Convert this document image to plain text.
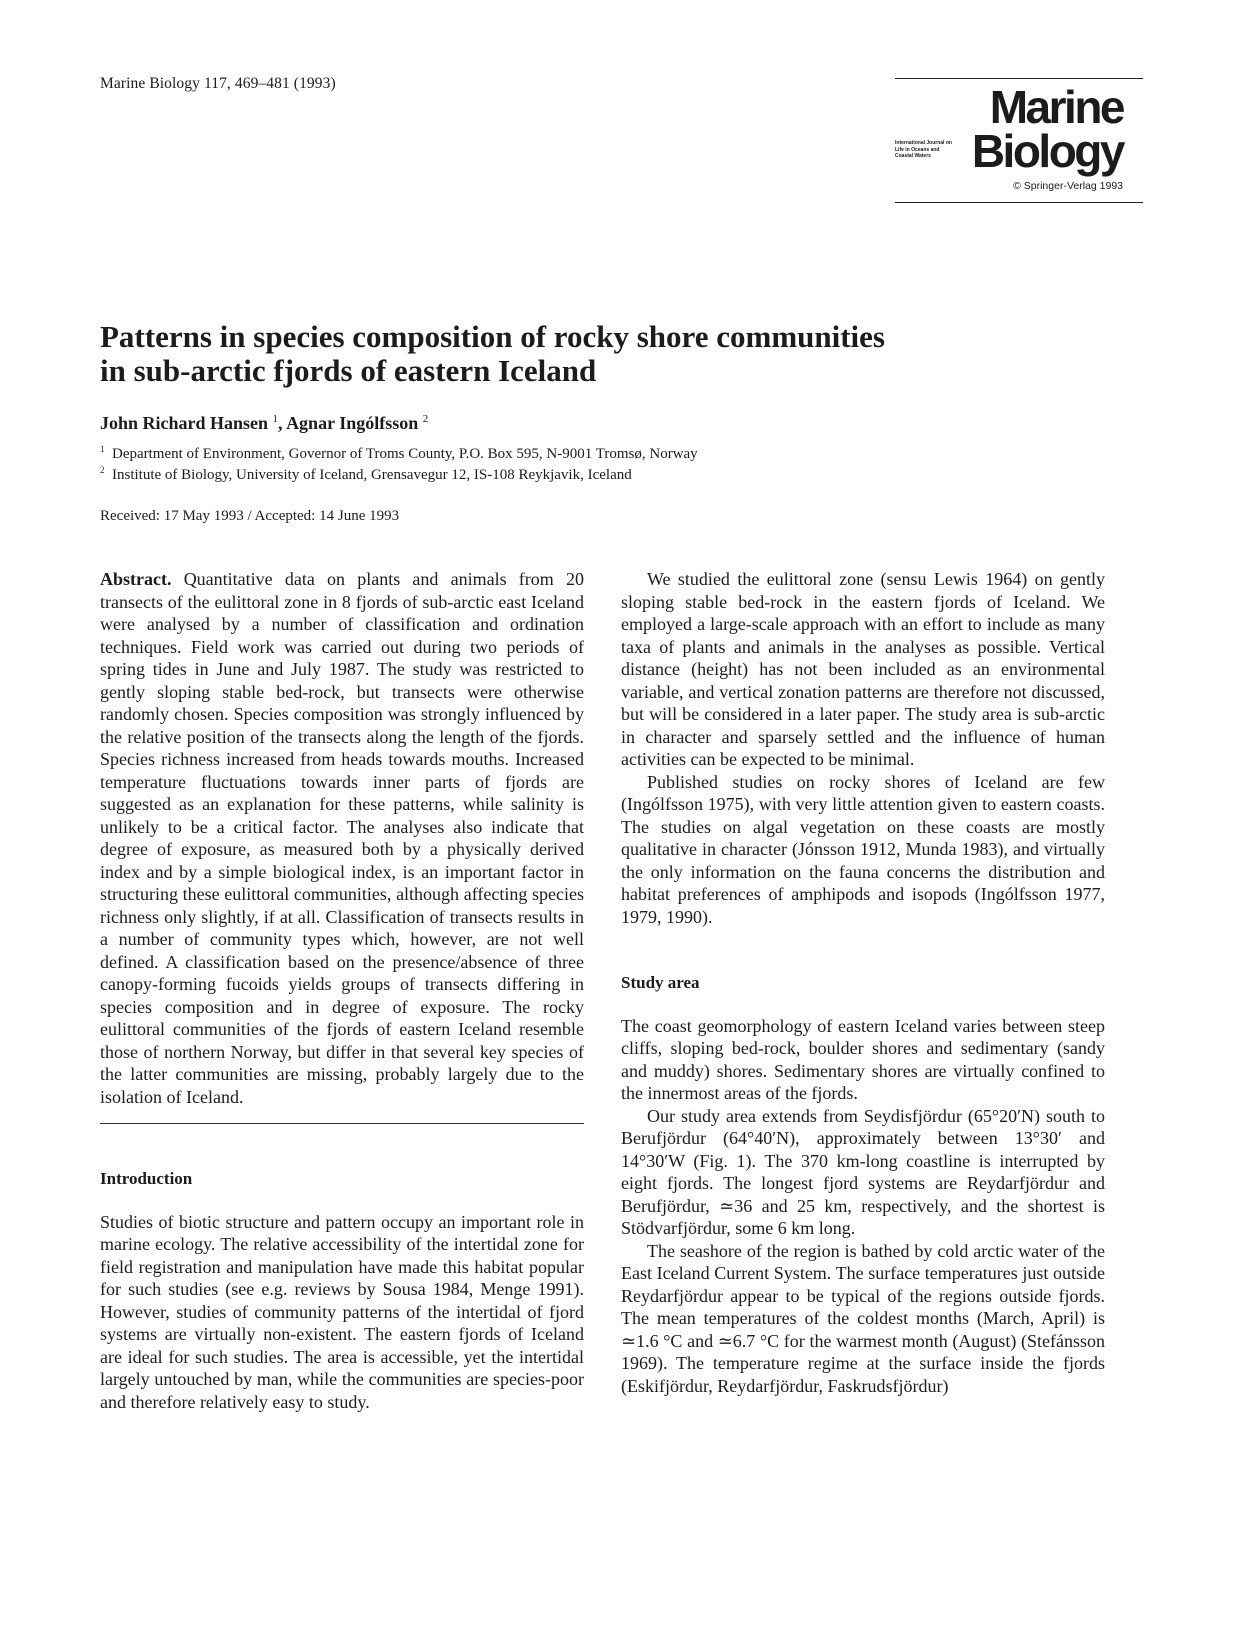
Marine Biology 117, 469–481 (1993)	Marine
International Journal on Life in Oceans and Coastal Waters Biology
© Springer-Verlag 1993
Patterns in species composition of rocky shore communities
in sub-arctic fjords of eastern Iceland
John Richard Hansen $^1$, Agnar Ingólfsson $^2$
$^1$ Department of Environment, Governor of Troms County, P.O. Box 595, N-9001 Tromsø, Norway
$^2$ Institute of Biology, University of Iceland, Grensavegur 12, IS-108 Reykjavik, Iceland
Received: 17 May 1993 / Accepted: 14 June 1993

Abstract. Quantitative data on plants and animals from 20 transects of the eulittoral zone in 8 fjords of sub-arctic east Iceland were analysed by a number of classification and ordination techniques. Field work was carried out during two periods of spring tides in June and July 1987. The study was restricted to gently sloping stable bed-rock, but transects were otherwise randomly chosen. Species composition was strongly influenced by the relative position of the transects along the length of the fjords. Species richness increased from heads towards mouths. Increased temperature fluctuations towards inner parts of fjords are suggested as an explanation for these patterns, while salinity is unlikely to be a critical factor. The analyses also indicate that degree of exposure, as measured both by a physically derived index and by a simple biological index, is an important factor in structuring these eulittoral communities, although affecting species richness only slightly, if at all. Classification of transects results in a number of community types which, however, are not well defined. A classification based on the presence/absence of three canopy-forming fucoids yields groups of transects differing in species composition and in degree of exposure. The rocky eulittoral communities of the fjords of eastern Iceland resemble those of northern Norway, but differ in that several key species of the latter communities are missing, probably largely due to the isolation of Iceland.

Introduction

Studies of biotic structure and pattern occupy an important role in marine ecology. The relative accessibility of the intertidal zone for field registration and manipulation have made this habitat popular for such studies (see e.g. reviews by Sousa 1984, Menge 1991). However, studies of community patterns of the intertidal of fjord systems are virtually non-existent. The eastern fjords of Iceland are ideal for such studies. The area is accessible, yet the intertidal largely untouched by man, while the communities are species-poor and therefore relatively easy to study.

We studied the eulittoral zone (sensu Lewis 1964) on gently sloping stable bed-rock in the eastern fjords of Iceland. We employed a large-scale approach with an effort to include as many taxa of plants and animals in the analyses as possible. Vertical distance (height) has not been included as an environmental variable, and vertical zonation patterns are therefore not discussed, but will be considered in a later paper. The study area is sub-arctic in character and sparsely settled and the influence of human activities can be expected to be minimal.

Published studies on rocky shores of Iceland are few (Ingólfsson 1975), with very little attention given to eastern coasts. The studies on algal vegetation on these coasts are mostly qualitative in character (Jónsson 1912, Munda 1983), and virtually the only information on the fauna concerns the distribution and habitat preferences of amphipods and isopods (Ingólfsson 1977, 1979, 1990).

Study area

The coast geomorphology of eastern Iceland varies between steep cliffs, sloping bed-rock, boulder shores and sedimentary (sandy and muddy) shores. Sedimentary shores are virtually confined to the innermost areas of the fjords.

Our study area extends from Seydisfjördur (65°20′N) south to Berufjördur (64°40′N), approximately between 13°30′ and 14°30′W (Fig. 1). The 370 km-long coastline is interrupted by eight fjords. The longest fjord systems are Reydarfjördur and Berufjördur, ≃36 and 25 km, respectively, and the shortest is Stödvarfjördur, some 6 km long.

The seashore of the region is bathed by cold arctic water of the East Iceland Current System. The surface temperatures just outside Reydarfjördur appear to be typical of the regions outside fjords. The mean temperatures of the coldest months (March, April) is ≃1.6 °C and ≃6.7 °C for the warmest month (August) (Stefánsson 1969). The temperature regime at the surface inside the fjords (Eskifjördur, Reydarfjördur, Faskrudsfjördur)
